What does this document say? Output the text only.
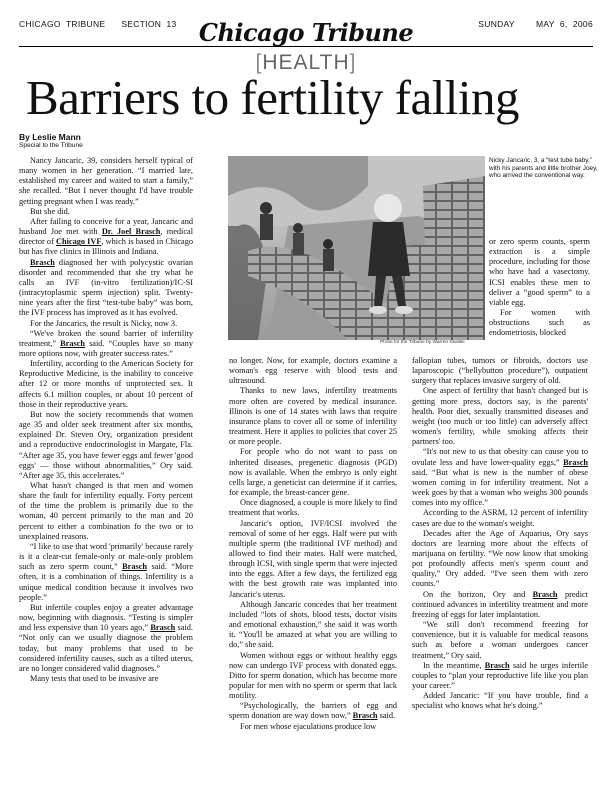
CHICAGO  TRIBUNE      SECTION  13 Chicago Tribune	SUNDAY        MAY  6,  2006
[HEALTH]
Barriers to fertility falling
By Leslie Mann
Special to the Tribune

Nancy Jancaric, 39, considers herself typical of many women in her generation. “I married late, established my career and waited to start a family,” she recalled. “But I never thought I'd have trouble getting pregnant when I was ready.”

But she did.

After failing to conceive for a year, Jancaric and husband Joe met with Dr. Joel Brasch, medical director of Chicago IVF, which is based in Chicago but has five clinics in Illinois and Indiana.

Brasch diagnosed her with polycystic ovarian disorder and recommended that she try what he calls an IVF (in-vitro fertilization)/IC-SI (intracytoplasmic sperm injection) split. Twenty-nine years after the first “test-tube baby” was born, the IVF process has improved as it has evolved.

For the Jancarics, the result is Nicky, now 3.

“We've broken the sound barrier of infertility treatment,” Brasch said. “Couples have so many more options now, with greater success rates.”

Infertility, according to the American Society for Reproductive Medicine, is the inability to conceive after 12 or more months of unprotected sex. It affects 6.1 million couples, or about 10 percent of those in their reproductive years.

But now the society recommends that women age 35 and older seek treatment after six months, explained Dr. Steven Ory, organization president and a reproductive endocrinologist in Margate, Fla. “After age 35, you have fewer eggs and fewer 'good eggs' — those without abnormalities,” Ory said. “After age 35, this accelerates.”

What hasn't changed is that men and women share the fault for infertility equally. Forty percent of the time the problem is primarily due to the woman, 40 percent primarily to the man and 20 percent to either a combination fo the two or to unexplained reasons.

“I like to use that word 'primarily' because rarely is it a clear-cut female-only or male-only problem such as zero sperm count,” Brasch said. “More often, it is a combination of things. Infertility is a unique medical condition because it involves two people.”

But infertile couples enjoy a greater advantage now, beginning with diagnosis. “Testing is simpler and less expensive than 10 years ago,” Brasch said. “Not only can we usually diagnose the problem today, but many problems that used to be considered infertility causes, such as a tilted uterus, are no longer considered valid diagnoses.”

Many tests that used to be invasive are

Photo for the Tribune by Warren Skalski
Nicky Jancaric, 3, a “test tube baby,” with his parents and little brother Joey, who arrived the conventional way.

or zero sperm counts, sperm extraction is a simple procedure, including for those who have had a vasectomy. ICSI enables these men to deliver a “good sperm” to a viable egg.

For women with obstructions such as endometriosis, blocked

no longer. Now, for example, doctors examine a woman's egg reserve with blood tests and ultrasound.

Thanks to new laws, infertility treatments more often are covered by medical insurance. Illinois is one of 14 states with laws that require insurance plans to cover all or some of infertility treatment. Here it applies to policies that cover 25 or more people.

For people who do not want to pass on inherited diseases, pregenetic diagnosis (PGD) now is available. When the embryo is only eight cells large, a geneticist can determine if it carries, for example, the breast-cancer gene.

Once diagnosed, a couple is more likely to find treatment that works.

Jancaric's option, IVF/ICSI involved the removal of some of her eggs. Half were put with multiple sperm (the traditional IVF method) and allowed to find their mates. Half were matched, through ICSI, with single sperm that were injected into the eggs. After a few days, the fertilized egg with the best growth rate was implanted into Jancaric's uterus.

Although Jancaric concedes that her treatment included “lots of shots, blood tests, doctor visits and emotional exhaustion,” she said it was worth it. “You'll be amazed at what you are willing to do,” she said.

Women without eggs or without healthy eggs now can undergo IVF process with donated eggs. Ditto for sperm donation, which has become more popular for men with no sperm or sperm that lack motility.

“Psychologically, the barriers of egg and sperm donation are way down now,” Brasch said.

For men whose ejaculations produce low

fallopian tubes, tumors or fibroids, doctors use laparoscopic (“bellybutton procedure”), outpatient surgery that replaces invasive surgery of old.

One aspect of fertility that hasn't changed but is getting more press, doctors say, is the parents' health. Poor diet, sexually transmitted diseases and weight (too much or too little) can adversely affect women's fertility, while smoking affects their partners' too.

“It's not new to us that obesity can cause you to ovulate less and have lower-quality eggs,” Brasch said. “But what is new is the number of obese women coming in for infertility treatment. Not a week goes by that a woman who weighs 300 pounds comes into my office.”

According to the ASRM, 12 percent of infertility cases are due to the woman's weight.

Decades after the Age of Aquarius, Ory says doctors are learning more about the effects of marijuana on fertility. “We now know that smoking pot profoundly affects men's sperm count and quality,” Ory added. “I've seen them with zero counts.”

On the horizon, Ory and Brasch predict continued advances in infertility treatment and more freezing of eggs for later implantation.

“We still don't recommend freezing for convenience, but it is valuable for medical reasons such as before a woman undergoes cancer treatment,” Ory said.

In the meantime, Brasch said he urges infertile couples to “plan your reproductive life like you plan your career.”

Added Jancaric: “If you have trouble, find a specialist who knows what he's doing.”
